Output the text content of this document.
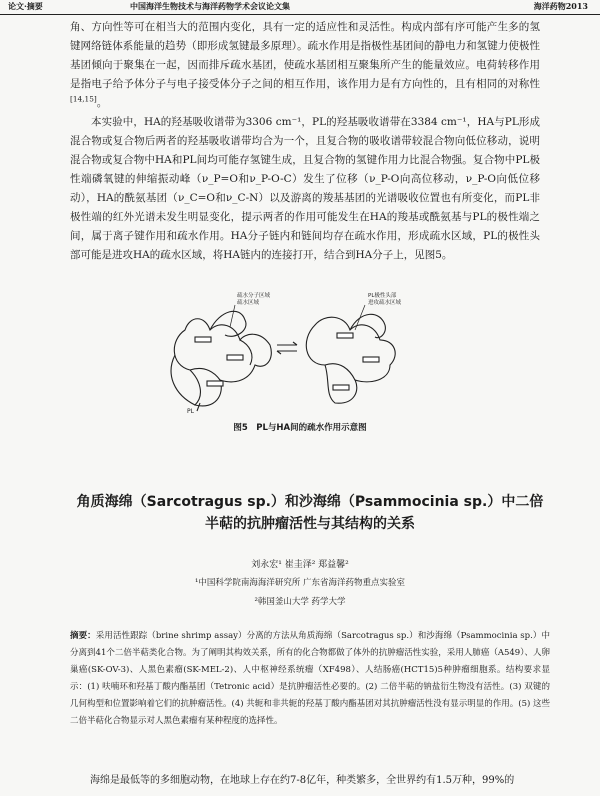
论文·摘要	中国海洋生物技术与海洋药物学术会议论文集	海洋药物2013

角、方向性等可在相当大的范围内变化，具有一定的适应性和灵活性。构成内部有序可能产生多的氢键网络链体系能量的趋势（即形成氢键最多原理）。疏水作用是指极性基团间的静电力和氢键力使极性基团倾向于聚集在一起，因而排斥疏水基团，使疏水基团相互聚集所产生的能量效应。电荷转移作用是指电子给予体分子与电子接受体分子之间的相互作用，该作用力是有方向性的，且有相同的对称性[14,15]。

本实验中，HA的羟基吸收谱带为3306 cm⁻¹，PL的羟基吸收谱带在3384 cm⁻¹，HA与PL形成混合物或复合物后两者的羟基吸收谱带均合为一个，且复合物的吸收谱带较混合物向低位移动，说明混合物或复合物中HA和PL间均可能存氢键生成，且复合物的氢键作用力比混合物强。复合物中PL极性端磷氧键的伸缩振动峰（ν_P=O和ν_P-O-C）发生了位移（ν_P-O向高位移动，ν_P-O向低位移动），HA的酰氨基团（ν_C=O和ν_C-N）以及游离的羧基基团的光谱吸收位置也有所变化，而PL非极性端的红外光谱未发生明显变化，提示两者的作用可能发生在HA的羧基或酰氨基与PL的极性端之间，属于离子键作用和疏水作用。HA分子链内和链间均存在疏水作用，形成疏水区域，PL的极性头部可能是进攻HA的疏水区域，将HA链内的连接打开，结合到HA分子上，见图5。

疏水分子区域
疏水区域
PL极性头部
进攻疏水区域
PL
图5　PL与HA间的疏水作用示意图
角质海绵（Sarcotragus sp.）和沙海绵（Psammocinia sp.）中二倍半萜的抗肿瘤活性与其结构的关系
刘永宏¹ 崔圭泽² 郑益馨²
¹中国科学院南海海洋研究所 广东省海洋药物重点实验室
²韩国釜山大学 药学大学

摘要：采用活性跟踪（brine shrimp assay）分离的方法从角质海绵（Sarcotragus sp.）和沙海绵（Psammocinia sp.）中分离到41个二倍半萜类化合物。为了阐明其构效关系，所有的化合物都做了体外的抗肿瘤活性实验，采用人肺癌（A549）、人卵巢癌(SK-OV-3)、人黑色素瘤(SK-MEL-2)、人中枢神经系统瘤（XF498）、人结肠癌(HCT15)5种肿瘤细胞系。结构要求显示：(1) 呋喃环和羟基丁酸内酯基团（Tetronic acid）是抗肿瘤活性必要的。(2) 二倍半萜的钠盐衍生物没有活性。(3) 双键的几何构型和位置影响着它们的抗肿瘤活性。(4) 共轭和非共轭的羟基丁酸内酯基团对其抗肿瘤活性没有显示明显的作用。(5) 这些二倍半萜化合物显示对人黑色素瘤有某种程度的选择性。

海绵是最低等的多细胞动物，在地球上存在约7-8亿年，种类繁多，全世界约有1.5万种，99%的
